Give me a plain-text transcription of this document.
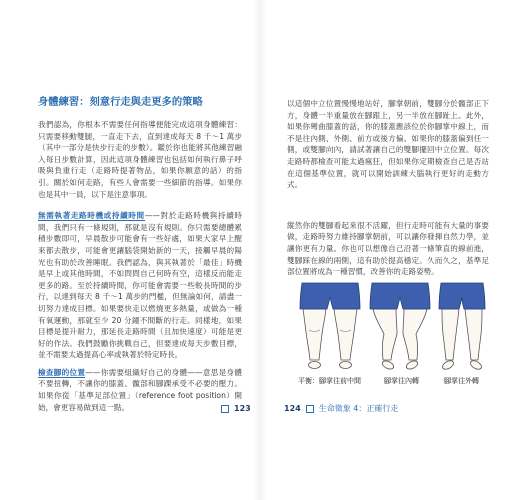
身體練習：刻意行走與走更多的策略

我們認為，你根本不需要任何指導便能完成這項身體練習：只需要移動雙腿，一直走下去，直到達成每天 8 千～1 萬步（其中一部分是快步行走的步數）。鑑於你也能將其他練習融入每日步數計算，因此這項身體練習也包括如何執行鼻子呼吸與負重行走（走路時提著物品，如果你願意的話）的指引。關於如何走路，有些人會需要一些細節的指導。如果你也是其中一員，以下是注意事項。

無需執著走路時機或持續時間——對於走路時機與持續時間，我們只有一條規則，那就是沒有規則。你只需要總體累積步數即可，早晨散步可能會有一些好處，如果大家早上醒來都去散步，可能會更讓腦袋開始新的一天，接觸早晨的陽光也有助於改善睡眠。我們認為，與其執著於「最佳」時機是早上或其他時間，不如問問自己何時有空，這樣反而能走更多的路。至於持續時間，你可能會需要一些較長時間的步行，以達到每天 8 千～1 萬步的門檻，但無論如何，請盡一切努力達成目標。如果要快走以燃燒更多熱量，或做為一種有氧運動，那就至少 20 分鐘不間斷的行走。同樣地，如果目標是提升耐力，那延長走路時間（且加快速度）可能是更好的作法。我們鼓勵你挑戰自己，但要達成每天步數目標，並不需要太過提高心率或執著於特定時長。

檢查腳的位置——你需要組織好自己的身體——意思是身體不要扭轉，不讓你的膝蓋、髖部和腳踝承受不必要的壓力。如果你從「基準足部位置」（reference foot position）開始，會更容易做到這一點。	123

以這個中立位置慢慢地站好，腳掌朝前，雙腳分於髖部正下方，身體一半重量放在腳跟上，另一半放在腳趾上。此外，如果你彎曲膝蓋的話，你的膝蓋應該位於你腳掌中線上，而不是往內側、外側、前方或後方偏。如果你的膝蓋偏到任一側，或雙腳向內，請試著讓自己的雙腳擺回中立位置。每次走路時都檢查可能太過瘋狂，但如果你定期檢查自己是否站在這個基準位置，就可以開始訓練大腦執行更好的走動方式。

縱然你的雙腳看起來很不活躍，但行走時可能有大量的事要做，走路時努力維持腳掌朝前，可以讓你發揮自然力學，並讓你更有力量。你也可以想像自己沿著一條筆直的線前進，雙腳踩在線的兩側，這有助於提高穩定。久而久之，基準足部位置將成為一種習慣，改善你的走路姿勢。

平衡：腳掌往前中間	腳掌往內轉	腳掌往外轉
124 生命徵象 4：正確行走
